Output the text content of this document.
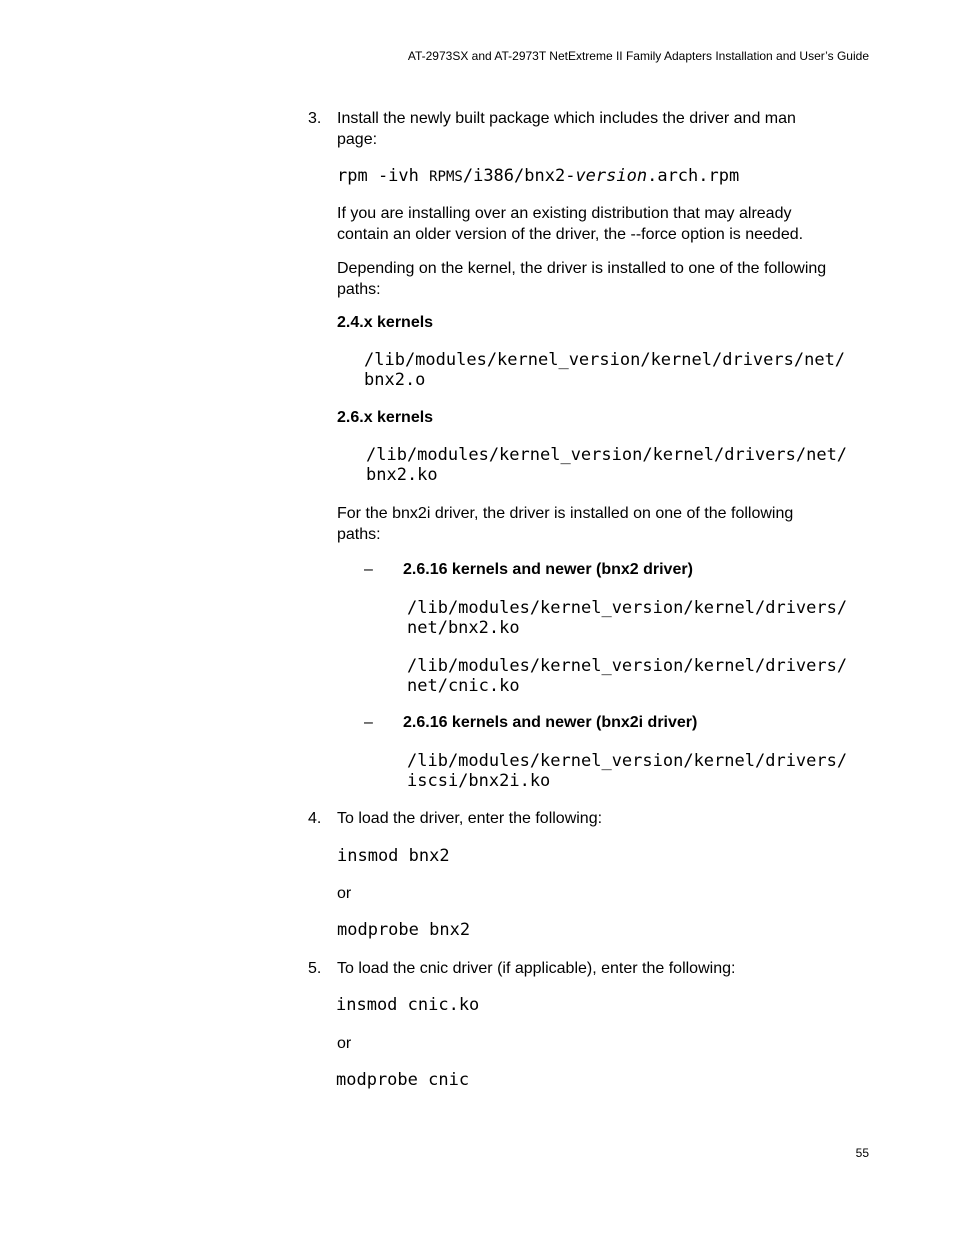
AT-2973SX and AT-2973T NetExtreme II Family Adapters Installation and User’s Guide
3. Install the newly built package which includes the driver and man
page:
rpm -ivh RPMS/i386/bnx2-version.arch.rpm
If you are installing over an existing distribution that may already
contain an older version of the driver, the --force option is needed.
Depending on the kernel, the driver is installed to one of the following
paths:
2.4.x kernels
/lib/modules/kernel_version/kernel/drivers/net/
bnx2.o
2.6.x kernels
/lib/modules/kernel_version/kernel/drivers/net/
bnx2.ko
For the bnx2i driver, the driver is installed on one of the following
paths:
– 2.6.16 kernels and newer (bnx2 driver)
/lib/modules/kernel_version/kernel/drivers/
net/bnx2.ko
/lib/modules/kernel_version/kernel/drivers/
net/cnic.ko
– 2.6.16 kernels and newer (bnx2i driver)
/lib/modules/kernel_version/kernel/drivers/
iscsi/bnx2i.ko
4. To load the driver, enter the following:
insmod bnx2
or
modprobe bnx2
5. To load the cnic driver (if applicable), enter the following:
insmod cnic.ko
or
modprobe cnic
55
